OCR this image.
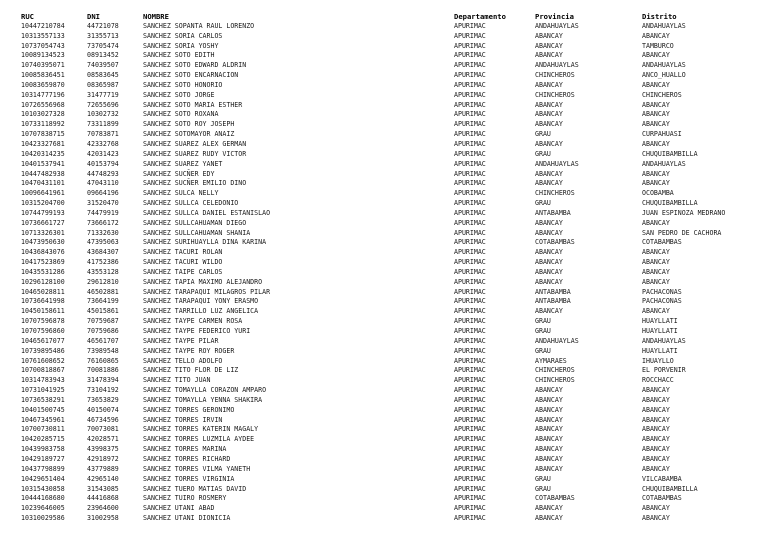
RUC	DNI	NOMBRE	Departamento	Provincia	Distrito
10447210784	44721078	SANCHEZ SOPANTA RAUL LORENZO	APURIMAC	ANDAHUAYLAS	ANDAHUAYLAS
10313557133	31355713	SANCHEZ SORIA CARLOS	APURIMAC	ABANCAY	ABANCAY
10737054743	73705474	SANCHEZ SORIA YOSHY	APURIMAC	ABANCAY	TAMBURCO
10089134523	08913452	SANCHEZ SOTO EDITH	APURIMAC	ABANCAY	ABANCAY
10740395071	74039507	SANCHEZ SOTO EDWARD ALDRIN	APURIMAC	ANDAHUAYLAS	ANDAHUAYLAS
10085836451	08583645	SANCHEZ SOTO ENCARNACION	APURIMAC	CHINCHEROS	ANCO_HUALLO
10083659870	08365987	SANCHEZ SOTO HONORIO	APURIMAC	ABANCAY	ABANCAY
10314777196	31477719	SANCHEZ SOTO JORGE	APURIMAC	CHINCHEROS	CHINCHEROS
10726556968	72655696	SANCHEZ SOTO MARIA ESTHER	APURIMAC	ABANCAY	ABANCAY
10103027328	10302732	SANCHEZ SOTO ROXANA	APURIMAC	ABANCAY	ABANCAY
10733118992	73311899	SANCHEZ SOTO ROY JOSEPH	APURIMAC	ABANCAY	ABANCAY
10707838715	70783871	SANCHEZ SOTOMAYOR ANAIZ	APURIMAC	GRAU	CURPAHUASI
10423327681	42332768	SANCHEZ SUAREZ ALEX GERMAN	APURIMAC	ABANCAY	ABANCAY
10420314235	42031423	SANCHEZ SUAREZ RUDY VICTOR	APURIMAC	GRAU	CHUQUIBAMBILLA
10401537941	40153794	SANCHEZ SUAREZ YANET	APURIMAC	ANDAHUAYLAS	ANDAHUAYLAS
10447482938	44748293	SANCHEZ SUCÑER EDY	APURIMAC	ABANCAY	ABANCAY
10470431101	47043110	SANCHEZ SUCÑER EMILIO DINO	APURIMAC	ABANCAY	ABANCAY
10096641961	09664196	SANCHEZ SULCA NELLY	APURIMAC	CHINCHEROS	OCOBAMBA
10315204700	31520470	SANCHEZ SULLCA CELEDONIO	APURIMAC	GRAU	CHUQUIBAMBILLA
10744799193	74479919	SANCHEZ SULLCA DANIEL ESTANISLAO	APURIMAC	ANTABAMBA	JUAN ESPINOZA MEDRANO
10736661727	73666172	SANCHEZ SULLCAHUAMAN DIEGO	APURIMAC	ABANCAY	ABANCAY
10713326301	71332630	SANCHEZ SULLCAHUAMAN SHANIA	APURIMAC	ABANCAY	SAN PEDRO DE CACHORA
10473950630	47395063	SANCHEZ SURIHUAYLLA DINA KARINA	APURIMAC	COTABAMBAS	COTABAMBAS
10436843076	43684307	SANCHEZ TACURI ROLAN	APURIMAC	ABANCAY	ABANCAY
10417523869	41752386	SANCHEZ TACURI WILDO	APURIMAC	ABANCAY	ABANCAY
10435531286	43553128	SANCHEZ TAIPE CARLOS	APURIMAC	ABANCAY	ABANCAY
10296128100	29612810	SANCHEZ TAPIA MAXIMO ALEJANDRO	APURIMAC	ABANCAY	ABANCAY
10465028811	46502881	SANCHEZ TARAPAQUI MILAGROS PILAR	APURIMAC	ANTABAMBA	PACHACONAS
10736641998	73664199	SANCHEZ TARAPAQUI YONY ERASMO	APURIMAC	ANTABAMBA	PACHACONAS
10450158611	45015861	SANCHEZ TARRILLO LUZ ANGELICA	APURIMAC	ABANCAY	ABANCAY
10707596878	70759687	SANCHEZ TAYPE CARMEN ROSA	APURIMAC	GRAU	HUAYLLATI
10707596860	70759686	SANCHEZ TAYPE FEDERICO YURI	APURIMAC	GRAU	HUAYLLATI
10465617077	46561707	SANCHEZ TAYPE PILAR	APURIMAC	ANDAHUAYLAS	ANDAHUAYLAS
10739895486	73989548	SANCHEZ TAYPE ROY ROGER	APURIMAC	GRAU	HUAYLLATI
10761608652	76160865	SANCHEZ TELLO ADOLFO	APURIMAC	AYMARAES	IHUAYLLO
10700818867	70081886	SANCHEZ TITO FLOR DE LIZ	APURIMAC	CHINCHEROS	EL PORVENIR
10314783943	31478394	SANCHEZ TITO JUAN	APURIMAC	CHINCHEROS	ROCCHACC
10731041925	73104192	SANCHEZ TOMAYLLA CORAZON AMPARO	APURIMAC	ABANCAY	ABANCAY
10736538291	73653829	SANCHEZ TOMAYLLA YENNA SHAKIRA	APURIMAC	ABANCAY	ABANCAY
10401500745	40150074	SANCHEZ TORRES GERONIMO	APURIMAC	ABANCAY	ABANCAY
10467345961	46734596	SANCHEZ TORRES IRVIN	APURIMAC	ABANCAY	ABANCAY
10700730811	70073081	SANCHEZ TORRES KATERIN MAGALY	APURIMAC	ABANCAY	ABANCAY
10420285715	42028571	SANCHEZ TORRES LUZMILA AYDEE	APURIMAC	ABANCAY	ABANCAY
10439983758	43998375	SANCHEZ TORRES MARINA	APURIMAC	ABANCAY	ABANCAY
10429189727	42918972	SANCHEZ TORRES RICHARD	APURIMAC	ABANCAY	ABANCAY
10437798899	43779889	SANCHEZ TORRES VILMA YANETH	APURIMAC	ABANCAY	ABANCAY
10429651404	42965140	SANCHEZ TORRES VIRGINIA	APURIMAC	GRAU	VILCABAMBA
10315430858	31543085	SANCHEZ TUERO MATIAS DAVID	APURIMAC	GRAU	CHUQUIBAMBILLA
10444168680	44416868	SANCHEZ TUIRO ROSMERY	APURIMAC	COTABAMBAS	COTABAMBAS
10239646005	23964600	SANCHEZ UTANI ABAD	APURIMAC	ABANCAY	ABANCAY
10310029586	31002958	SANCHEZ UTANI DIONICIA	APURIMAC	ABANCAY	ABANCAY
